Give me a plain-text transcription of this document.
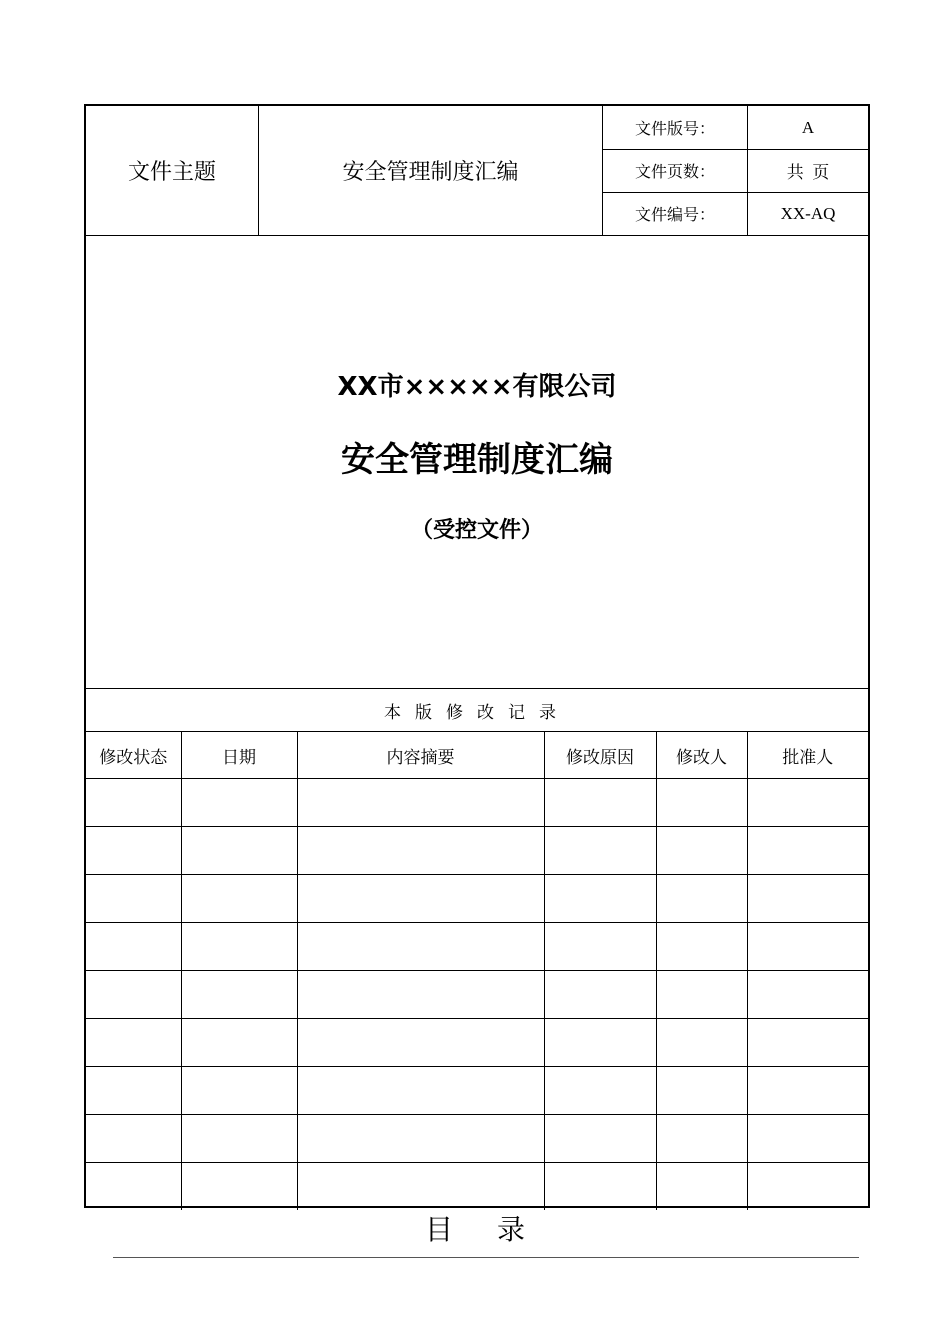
文件主题	安全管理制度汇编
文件版号：	A
文件页数：	共  页
文件编号：	XX-AQ
XX市×××××有限公司
安全管理制度汇编
（受控文件）
本版修改记录
修改状态	日期	内容摘要	修改原因	修改人	批准人

目录
